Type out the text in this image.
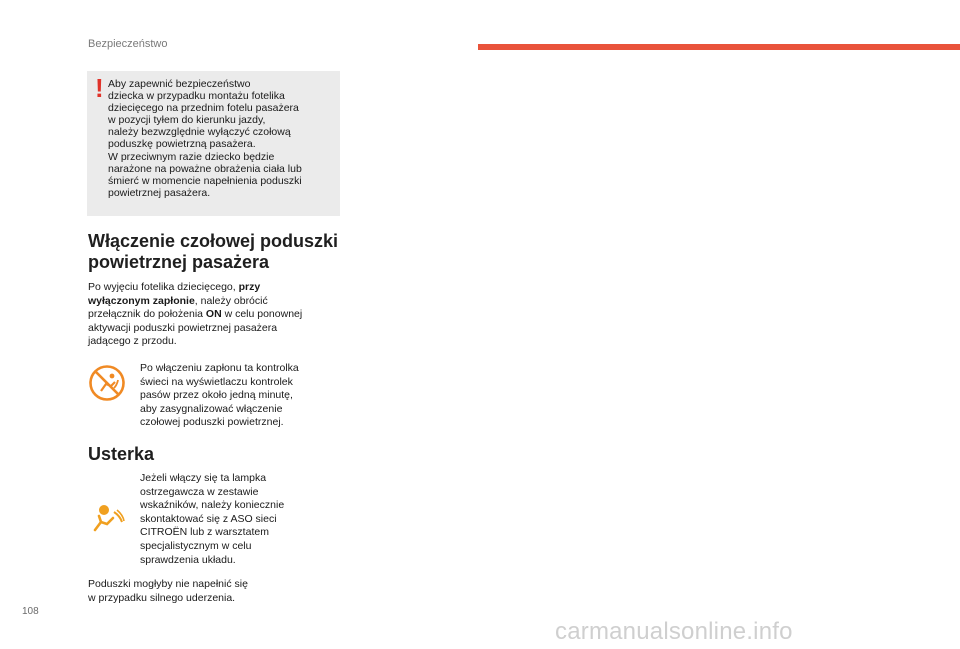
Bezpieczeństwo
! Aby zapewnić bezpieczeństwo
dziecka w przypadku montażu fotelika
dziecięcego na przednim fotelu pasażera
w pozycji tyłem do kierunku jazdy,
należy bezwzględnie wyłączyć czołową
poduszkę powietrzną pasażera.
W przeciwnym razie dziecko będzie
narażone na poważne obrażenia ciała lub
śmierć w momencie napełnienia poduszki
powietrznej pasażera.
Włączenie czołowej poduszki
powietrznej pasażera
Po wyjęciu fotelika dziecięcego, przy
wyłączonym zapłonie, należy obrócić
przełącznik do położenia ON w celu ponownej
aktywacji poduszki powietrznej pasażera
jadącego z przodu.
Po włączeniu zapłonu ta kontrolka
świeci na wyświetlaczu kontrolek
pasów przez około jedną minutę,
aby zasygnalizować włączenie
czołowej poduszki powietrznej.
Usterka
Jeżeli włączy się ta lampka
ostrzegawcza w zestawie
wskaźników, należy koniecznie
skontaktować się z ASO sieci
CITROËN lub z warsztatem
specjalistycznym w celu
sprawdzenia układu.
Poduszki mogłyby nie napełnić się
w przypadku silnego uderzenia.
108
carmanualsonline.info
